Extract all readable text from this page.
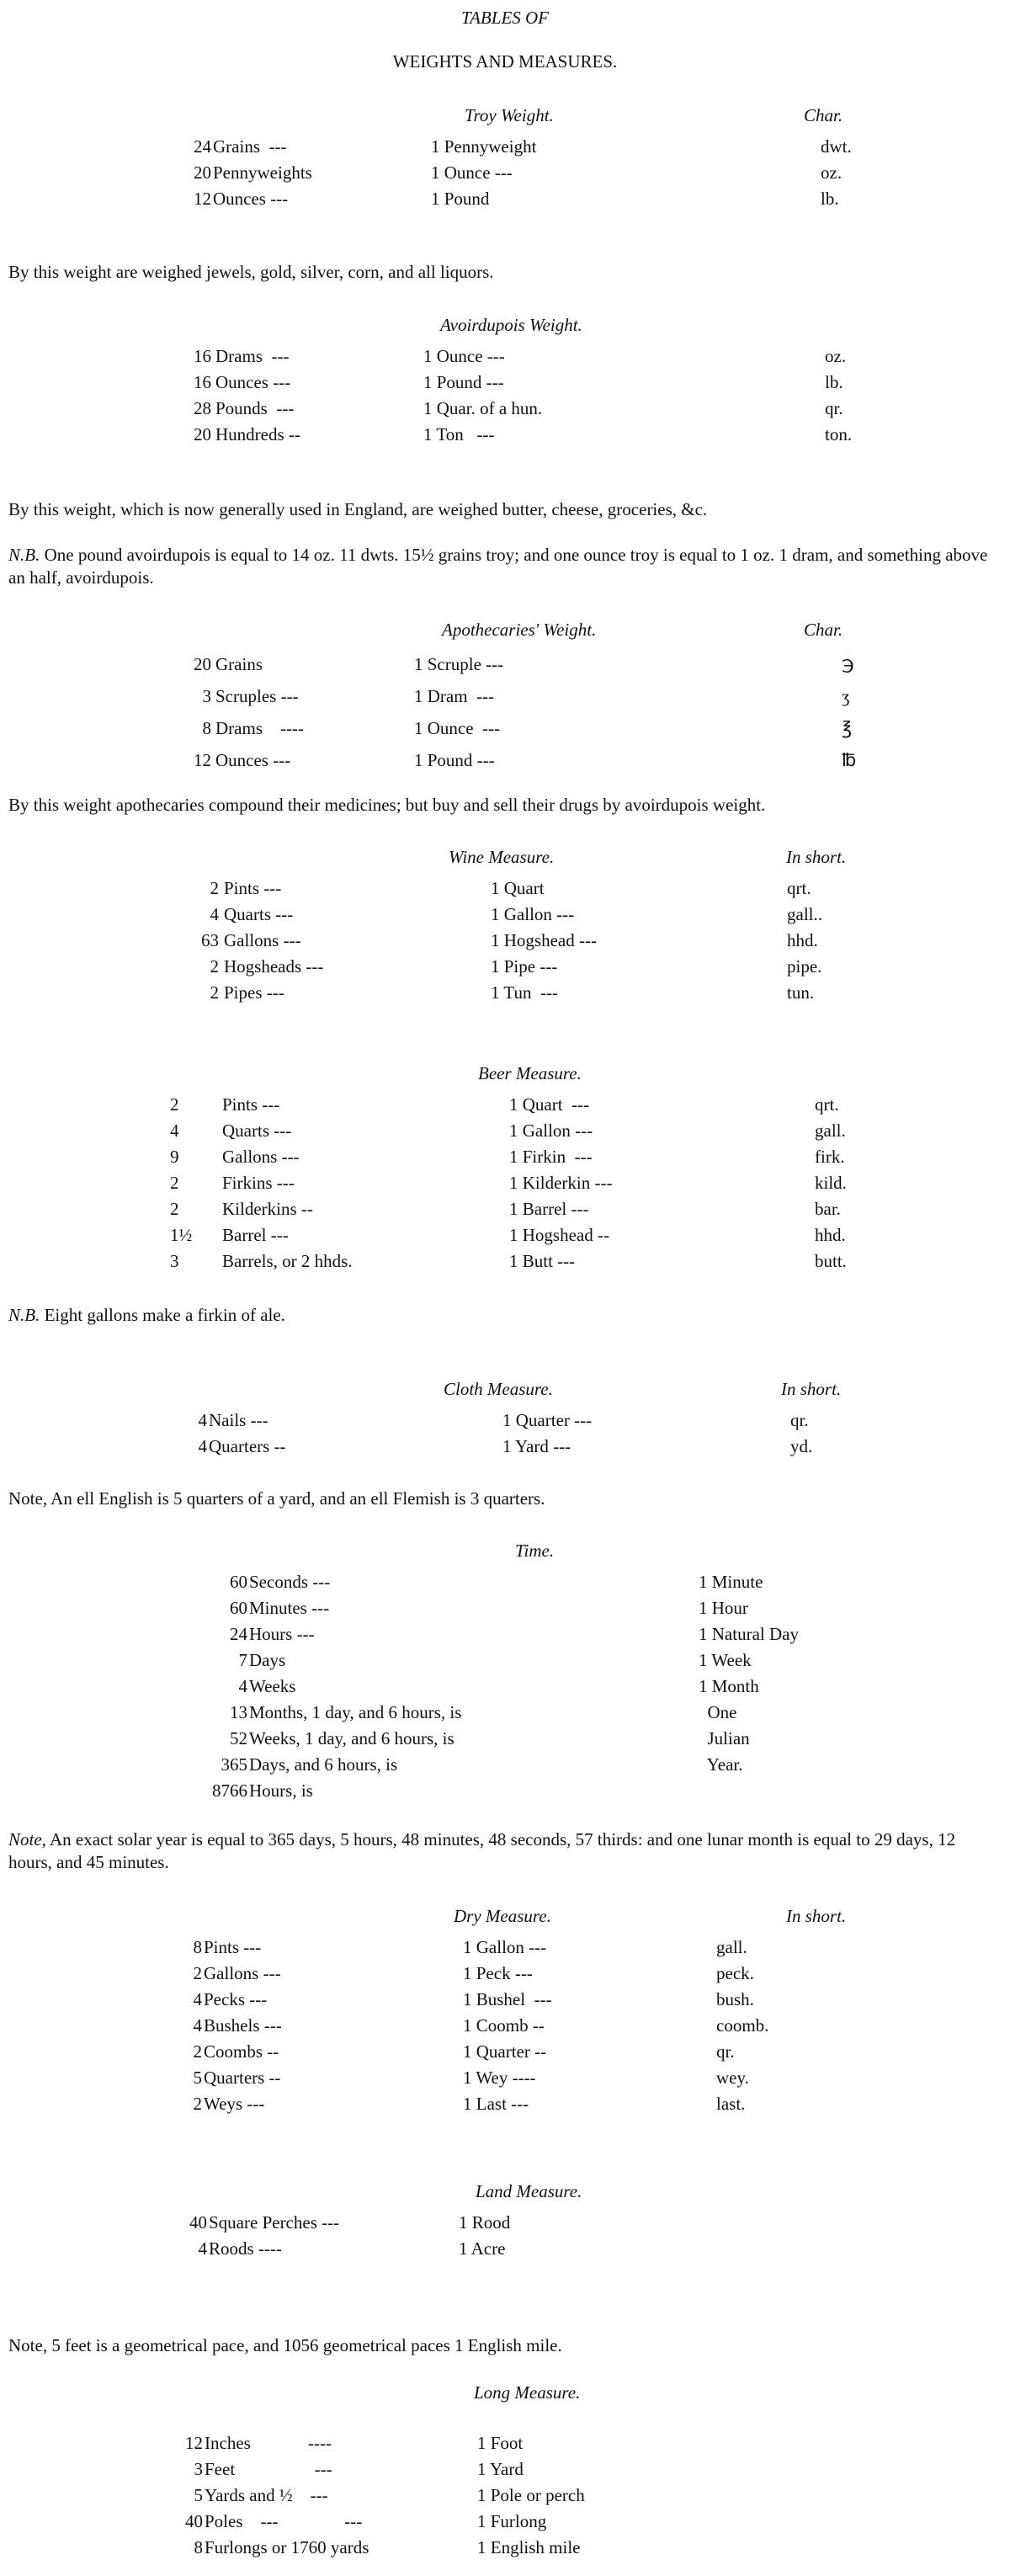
TABLES OF
WEIGHTS AND MEASURES.
Troy Weight.	Char.
24 Grains  ---	1 Pennyweight	dwt.
20 Pennyweights	1 Ounce ---	oz.
12 Ounces ---	1 Pound	lb.
By this weight are weighed jewels, gold, silver, corn, and all liquors.
Avoirdupois Weight.
16 Drams  ---	1 Ounce ---	oz.
16 Ounces ---	1 Pound ---	lb.
28 Pounds  ---	1 Quar. of a hun.	qr.
20 Hundreds --	1 Ton   ---	ton.
By this weight, which is now generally used in England, are weighed butter, cheese, groceries, &c.
N.B. One pound avoirdupois is equal to 14 oz. 11 dwts. 15½ grains troy; and one ounce troy is equal to 1 oz. 1 dram, and something above an half, avoirdupois.
Apothecaries' Weight.	Char.
20 Grains	1 Scruple ---	℈
3 Scruples ---	1 Dram  ---	ʒ
8 Drams    ----	1 Ounce  ---	℥
12 Ounces ---	1 Pound ---	℔
By this weight apothecaries compound their medicines; but buy and sell their drugs by avoirdupois weight.
Wine Measure.	In short.
2 Pints ---	1 Quart	qrt.
4 Quarts ---	1 Gallon ---	gall..
63 Gallons ---	1 Hogshead ---	hhd.
2 Hogsheads ---	1 Pipe ---	pipe.
2 Pipes ---	1 Tun  ---	tun.
Beer Measure.
2 Pints ---	1 Quart  ---	qrt.
4 Quarts ---	1 Gallon ---	gall.
9 Gallons ---	1 Firkin  ---	firk.
2 Firkins ---	1 Kilderkin ---	kild.
2 Kilderkins --	1 Barrel ---	bar.
1½ Barrel ---	1 Hogshead --	hhd.
3 Barrels, or 2 hhds.	1 Butt ---	butt.
N.B. Eight gallons make a firkin of ale.
Cloth Measure.	In short.
4 Nails ---	1 Quarter ---	qr.
4 Quarters --	1 Yard ---	yd.
Note, An ell English is 5 quarters of a yard, and an ell Flemish is 3 quarters.
Time.
60 Seconds ---	1 Minute
60 Minutes ---	1 Hour
24 Hours ---	1 Natural Day
7 Days	1 Week
4 Weeks	1 Month
13 Months, 1 day, and 6 hours, is	One
52 Weeks, 1 day, and 6 hours, is	Julian
365 Days, and 6 hours, is	Year.
8766 Hours, is
Note, An exact solar year is equal to 365 days, 5 hours, 48 minutes, 48 seconds, 57 thirds: and one lunar month is equal to 29 days, 12 hours, and 45 minutes.
Dry Measure.	In short.
8 Pints ---	1 Gallon ---	gall.
2 Gallons ---	1 Peck ---	peck.
4 Pecks ---	1 Bushel  ---	bush.
4 Bushels ---	1 Coomb --	coomb.
2 Coombs --	1 Quarter --	qr.
5 Quarters --	1 Wey ----	wey.
2 Weys ---	1 Last ---	last.
Land Measure.
40 Square Perches ---	1 Rood
4 Roods ----	1 Acre
Note, 5 feet is a geometrical pace, and 1056 geometrical paces 1 English mile.
Long Measure.
12 Inches             ----	1 Foot
3 Feet                  ---	1 Yard
5 Yards and ½    ---	1 Pole or perch
40 Poles    ---               ---	1 Furlong
8 Furlongs or 1760 yards	1 English mile
